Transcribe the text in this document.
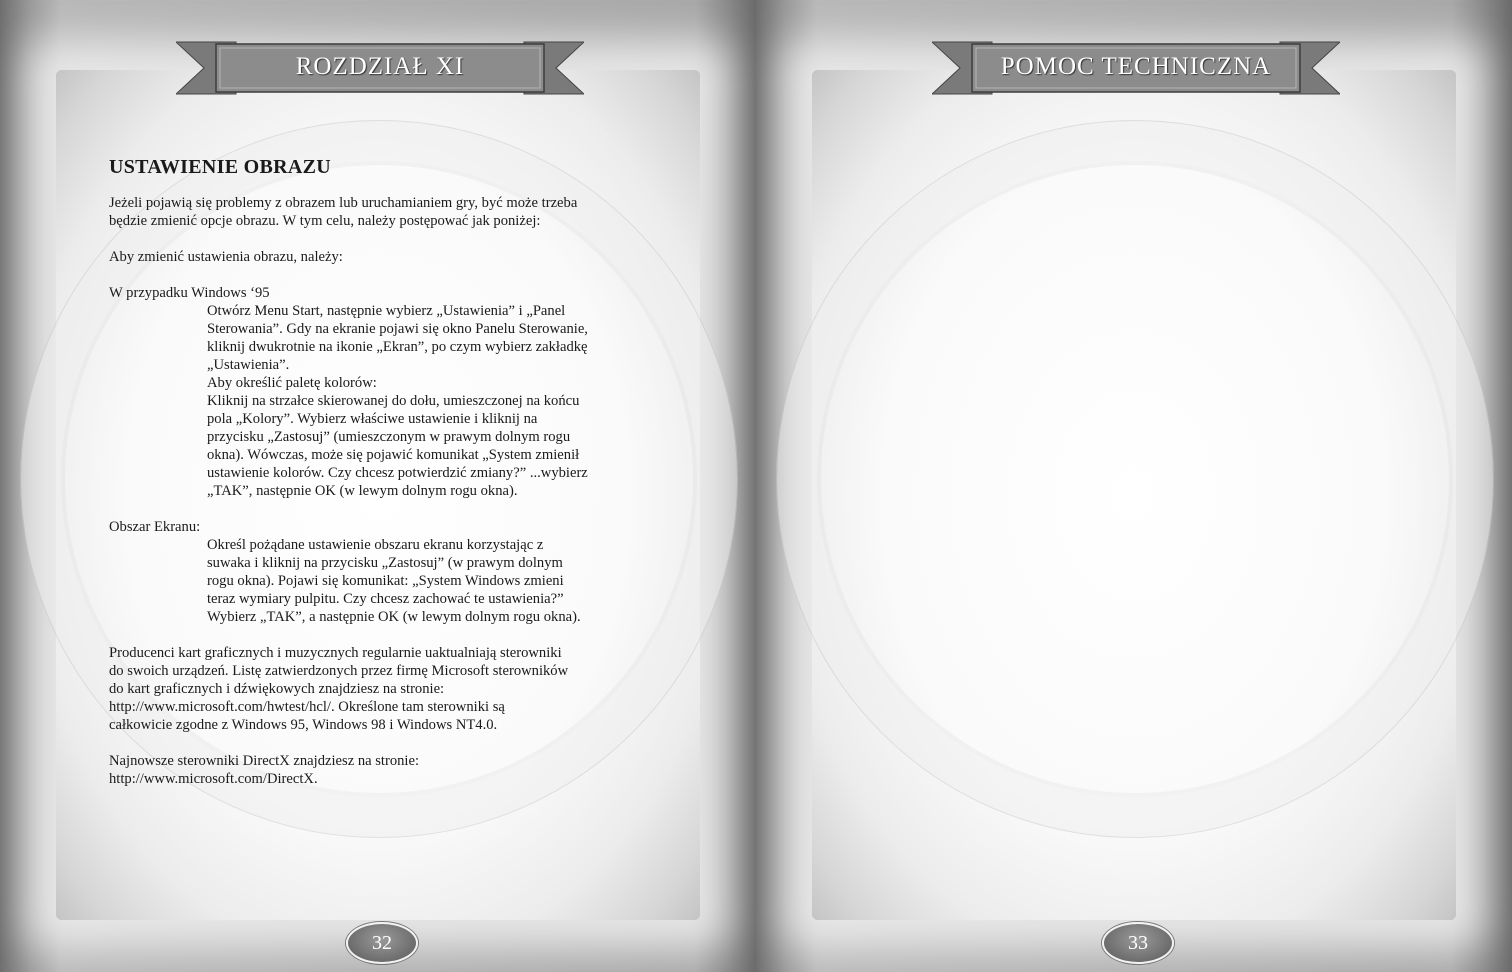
ROZDZIAŁ XI
USTAWIENIE OBRAZU
Jeżeli pojawią się problemy z obrazem lub uruchamianiem gry, być może trzeba
będzie zmienić opcje obrazu. W tym celu, należy postępować jak poniżej:
Aby zmienić ustawienia obrazu, należy:
W przypadku Windows ‘95
Otwórz Menu Start, następnie wybierz „Ustawienia” i „Panel
Sterowania”. Gdy na ekranie pojawi się okno Panelu Sterowanie,
kliknij dwukrotnie na ikonie „Ekran”, po czym wybierz zakładkę
„Ustawienia”.
Aby określić paletę kolorów:
Kliknij na strzałce skierowanej do dołu, umieszczonej na końcu
pola „Kolory”. Wybierz właściwe ustawienie i kliknij na
przycisku „Zastosuj” (umieszczonym w prawym dolnym rogu
okna). Wówczas, może się pojawić komunikat „System zmienił
ustawienie kolorów. Czy chcesz potwierdzić zmiany?” ...wybierz
„TAK”, następnie OK (w lewym dolnym rogu okna).
Obszar Ekranu:
Określ pożądane ustawienie obszaru ekranu korzystając z
suwaka i kliknij na przycisku „Zastosuj” (w prawym dolnym
rogu okna). Pojawi się komunikat: „System Windows zmieni
teraz wymiary pulpitu. Czy chcesz zachować te ustawienia?”
Wybierz „TAK”, a następnie OK (w lewym dolnym rogu okna).
Producenci kart graficznych i muzycznych regularnie uaktualniają sterowniki
do swoich urządzeń. Listę zatwierdzonych przez firmę Microsoft sterowników
do kart graficznych i dźwiękowych znajdziesz na stronie:
http://www.microsoft.com/hwtest/hcl/. Określone tam sterowniki są
całkowicie zgodne z Windows 95, Windows 98 i Windows NT4.0.
Najnowsze sterowniki DirectX znajdziesz na stronie:
http://www.microsoft.com/DirectX.
32
POMOC TECHNICZNA
33
